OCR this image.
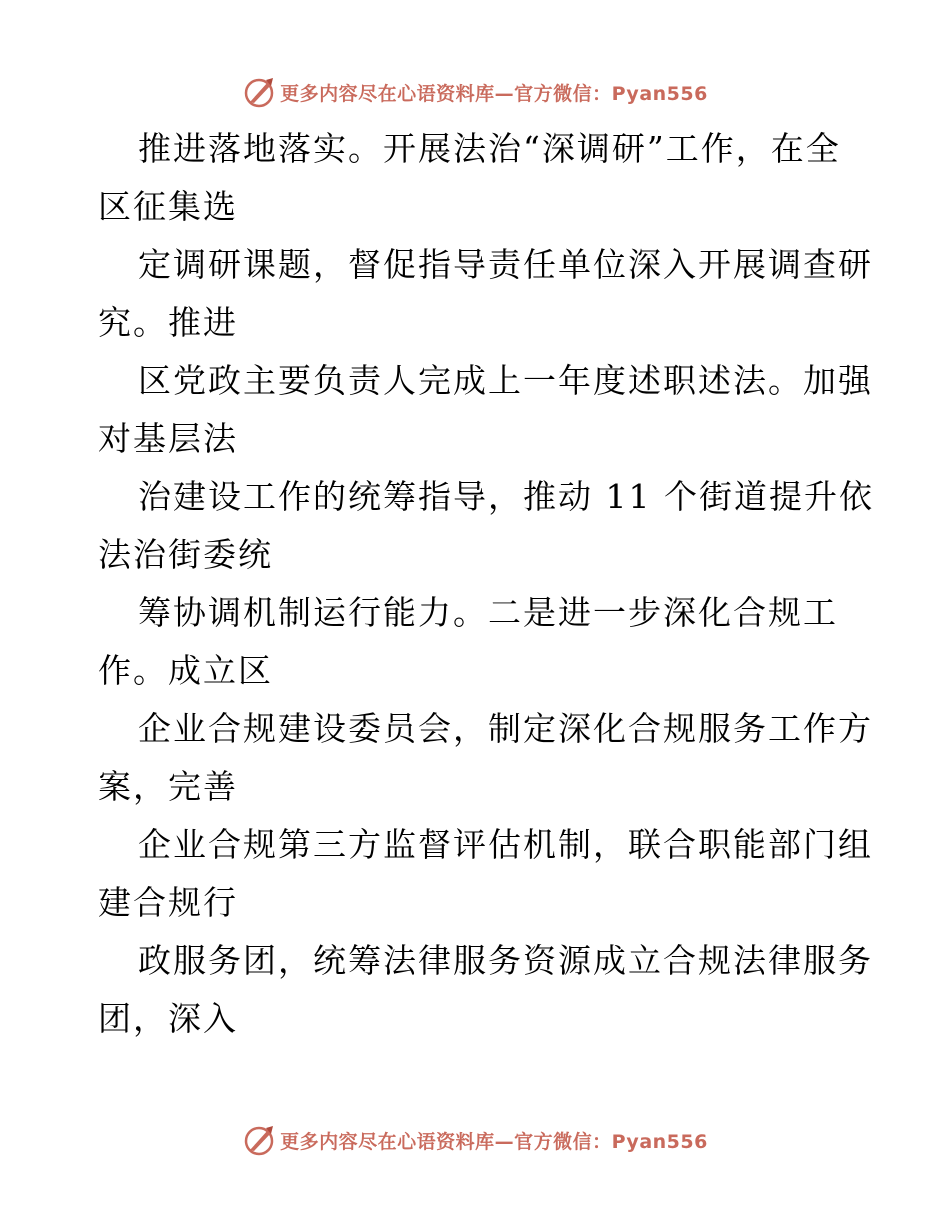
更多内容尽在心语资料库—官方微信：Pyan556

推进落地落实。开展法治“深调研”工作，在全
区征集选

定调研课题，督促指导责任单位深入开展调查研
究。推进

区党政主要负责人完成上一年度述职述法。加强
对基层法

治建设工作的统筹指导，推动 11 个街道提升依
法治街委统

筹协调机制运行能力。二是进一步深化合规工
作。成立区

企业合规建设委员会，制定深化合规服务工作方
案，完善

企业合规第三方监督评估机制，联合职能部门组
建合规行

政服务团，统筹法律服务资源成立合规法律服务
团，深入

更多内容尽在心语资料库—官方微信：Pyan556
